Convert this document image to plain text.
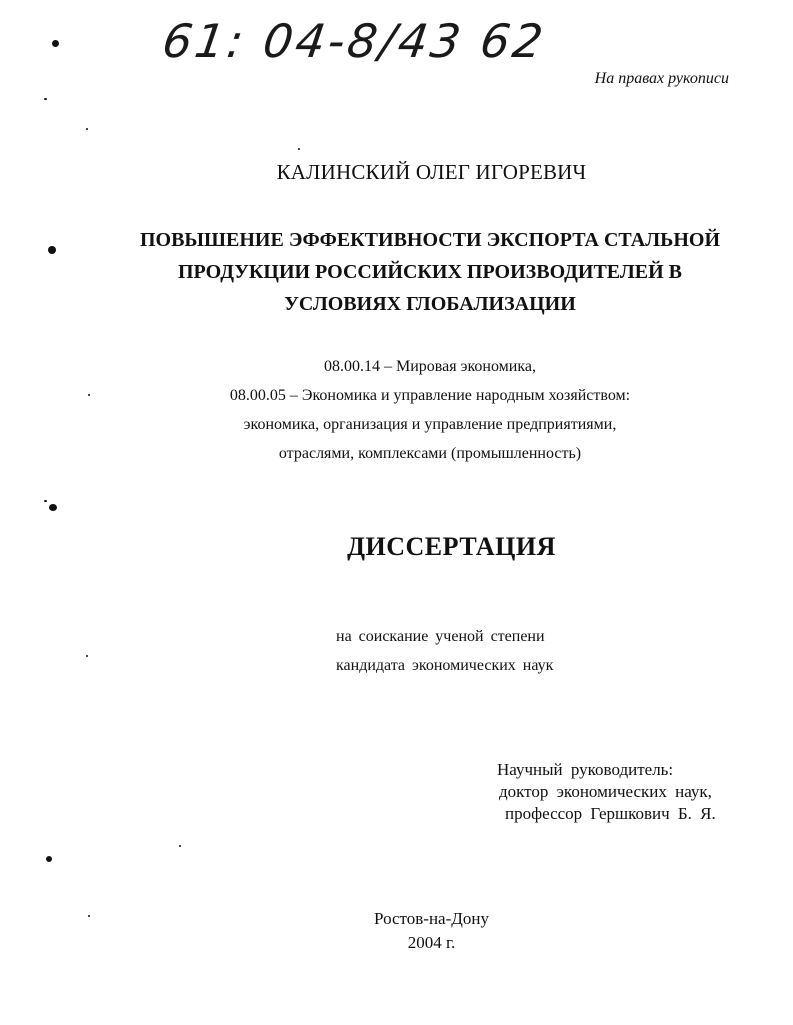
61: 04-8/43 62
На правах рукописи
КАЛИНСКИЙ ОЛЕГ ИГОРЕВИЧ
ПОВЫШЕНИЕ ЭФФЕКТИВНОСТИ ЭКСПОРТА СТАЛЬНОЙ
ПРОДУКЦИИ РОССИЙСКИХ ПРОИЗВОДИТЕЛЕЙ В
УСЛОВИЯХ ГЛОБАЛИЗАЦИИ
08.00.14 – Мировая экономика,
08.00.05 – Экономика и управление народным хозяйством:
экономика, организация и управление предприятиями,
отраслями, комплексами (промышленность)
ДИССЕРТАЦИЯ
на соискание ученой степени
кандидата экономических наук
Научный руководитель:
доктор экономических наук,
профессор Гершкович Б. Я.
Ростов-на-Дону
2004 г.
